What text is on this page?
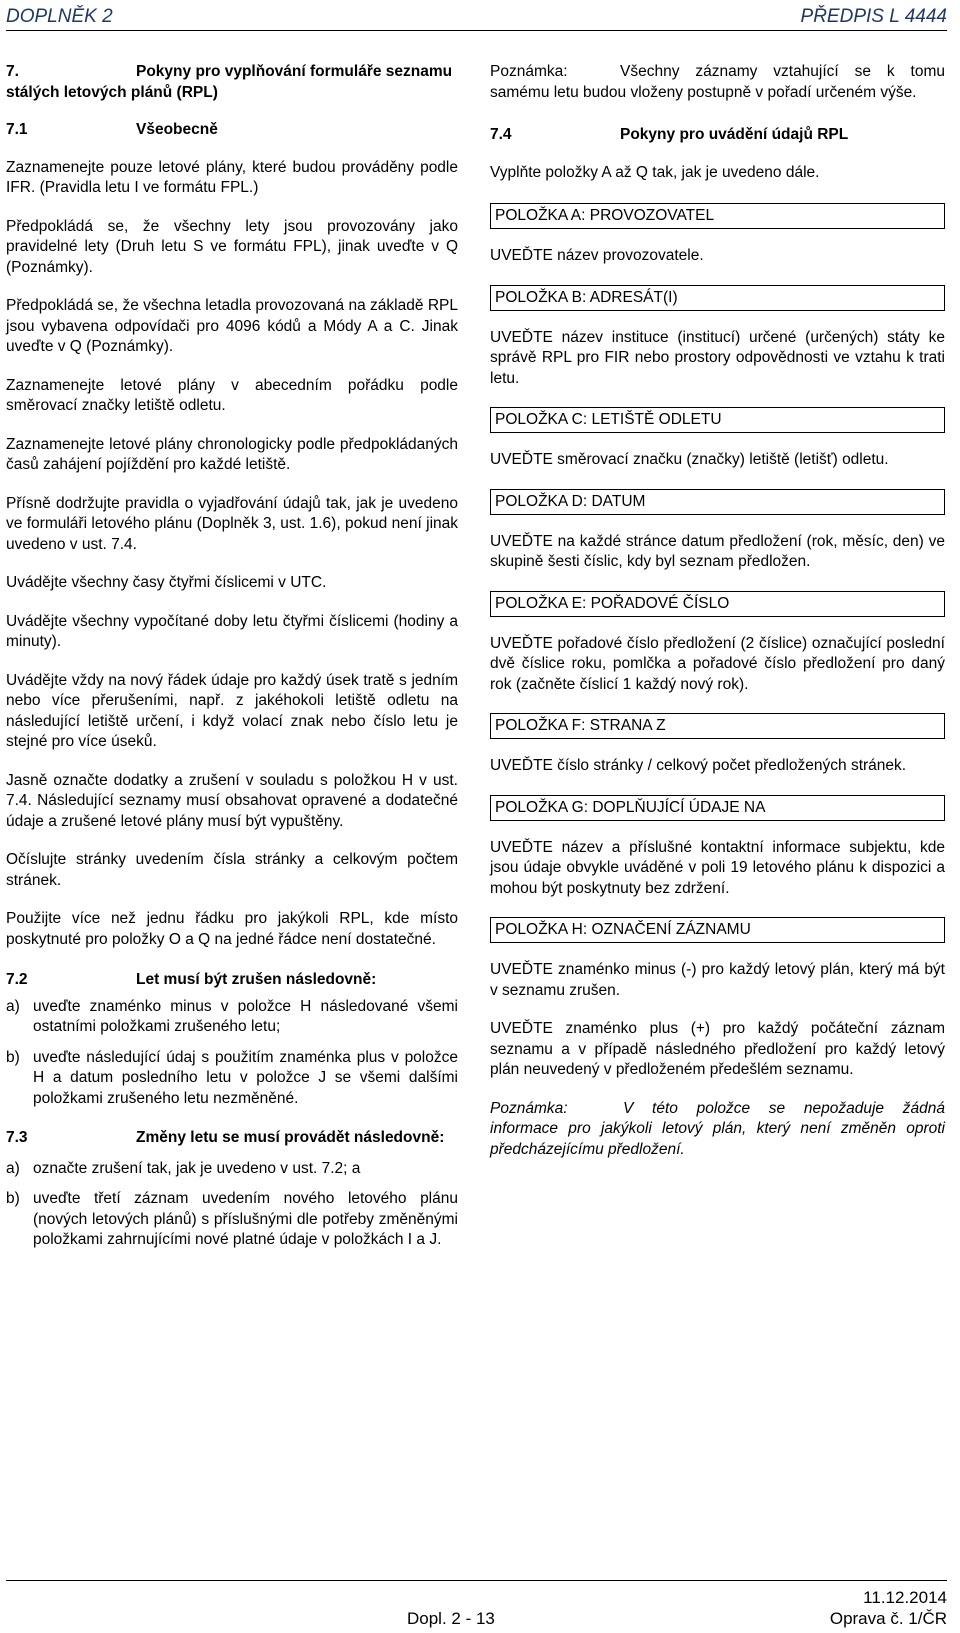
DOPLNĚK 2	PŘEDPIS L 4444
7.	Pokyny pro vyplňování formuláře seznamu stálých letových plánů (RPL)
7.1	Všeobecně

Zaznamenejte pouze letové plány, které budou prováděny podle IFR. (Pravidla letu I ve formátu FPL.)

Předpokládá se, že všechny lety jsou provozovány jako pravidelné lety (Druh letu S ve formátu FPL), jinak uveďte v Q (Poznámky).

Předpokládá se, že všechna letadla provozovaná na základě RPL jsou vybavena odpovídači pro 4096 kódů a Módy A a C. Jinak uveďte v Q (Poznámky).

Zaznamenejte letové plány v abecedním pořádku podle směrovací značky letiště odletu.

Zaznamenejte letové plány chronologicky podle předpokládaných časů zahájení pojíždění pro každé letiště.

Přísně dodržujte pravidla o vyjadřování údajů tak, jak je uvedeno ve formuláři letového plánu (Doplněk 3, ust. 1.6), pokud není jinak uvedeno v ust. 7.4.

Uvádějte všechny časy čtyřmi číslicemi v UTC.

Uvádějte všechny vypočítané doby letu čtyřmi číslicemi (hodiny a minuty).

Uvádějte vždy na nový řádek údaje pro každý úsek tratě s jedním nebo více přerušeními, např. z jakéhokoli letiště odletu na následující letiště určení, i když volací znak nebo číslo letu je stejné pro více úseků.

Jasně označte dodatky a zrušení v souladu s položkou H v ust. 7.4. Následující seznamy musí obsahovat opravené a dodatečné údaje a zrušené letové plány musí být vypuštěny.

Očíslujte stránky uvedením čísla stránky a celkovým počtem stránek.

Použijte více než jednu řádku pro jakýkoli RPL, kde místo poskytnuté pro položky O a Q na jedné řádce není dostatečné.

7.2	Let musí být zrušen následovně:
a) uveďte znaménko minus v položce H následované všemi ostatními položkami zrušeného letu;
b) uveďte následující údaj s použitím znaménka plus v položce H a datum posledního letu v položce J se všemi dalšími položkami zrušeného letu nezměněné.
7.3	Změny letu se musí provádět následovně:
a) označte zrušení tak, jak je uvedeno v ust. 7.2; a
b) uveďte třetí záznam uvedením nového letového plánu (nových letových plánů) s příslušnými dle potřeby změněnými položkami zahrnujícími nové platné údaje v položkách I a J.

Poznámka:	Všechny záznamy vztahující se k tomu samému letu budou vloženy postupně v pořadí určeném výše.

7.4	Pokyny pro uvádění údajů RPL

Vyplňte položky A až Q tak, jak je uvedeno dále.

POLOŽKA A: PROVOZOVATEL

UVEĎTE název provozovatele.

POLOŽKA B: ADRESÁT(I)

UVEĎTE název instituce (institucí) určené (určených) státy ke správě RPL pro FIR nebo prostory odpovědnosti ve vztahu k trati letu.

POLOŽKA C: LETIŠTĚ ODLETU

UVEĎTE směrovací značku (značky) letiště (letišť) odletu.

POLOŽKA D: DATUM

UVEĎTE na každé stránce datum předložení (rok, měsíc, den) ve skupině šesti číslic, kdy byl seznam předložen.

POLOŽKA E: POŘADOVÉ ČÍSLO

UVEĎTE pořadové číslo předložení (2 číslice) označující poslední dvě číslice roku, pomlčka a pořadové číslo předložení pro daný rok (začněte číslicí 1 každý nový rok).

POLOŽKA F: STRANA Z

UVEĎTE číslo stránky / celkový počet předložených stránek.

POLOŽKA G: DOPLŇUJÍCÍ ÚDAJE NA

UVEĎTE název a příslušné kontaktní informace subjektu, kde jsou údaje obvykle uváděné v poli 19 letového plánu k dispozici a mohou být poskytnuty bez zdržení.

POLOŽKA H: OZNAČENÍ ZÁZNAMU

UVEĎTE znaménko minus (-) pro každý letový plán, který má být v seznamu zrušen.

UVEĎTE znaménko plus (+) pro každý počáteční záznam seznamu a v případě následného předložení pro každý letový plán neuvedený v předloženém předešlém seznamu.

Poznámka:	V této položce se nepožaduje žádná informace pro jakýkoli letový plán, který není změněn oproti předcházejícímu předložení.

Dopl. 2 - 13
11.12.2014
Oprava č. 1/ČR
